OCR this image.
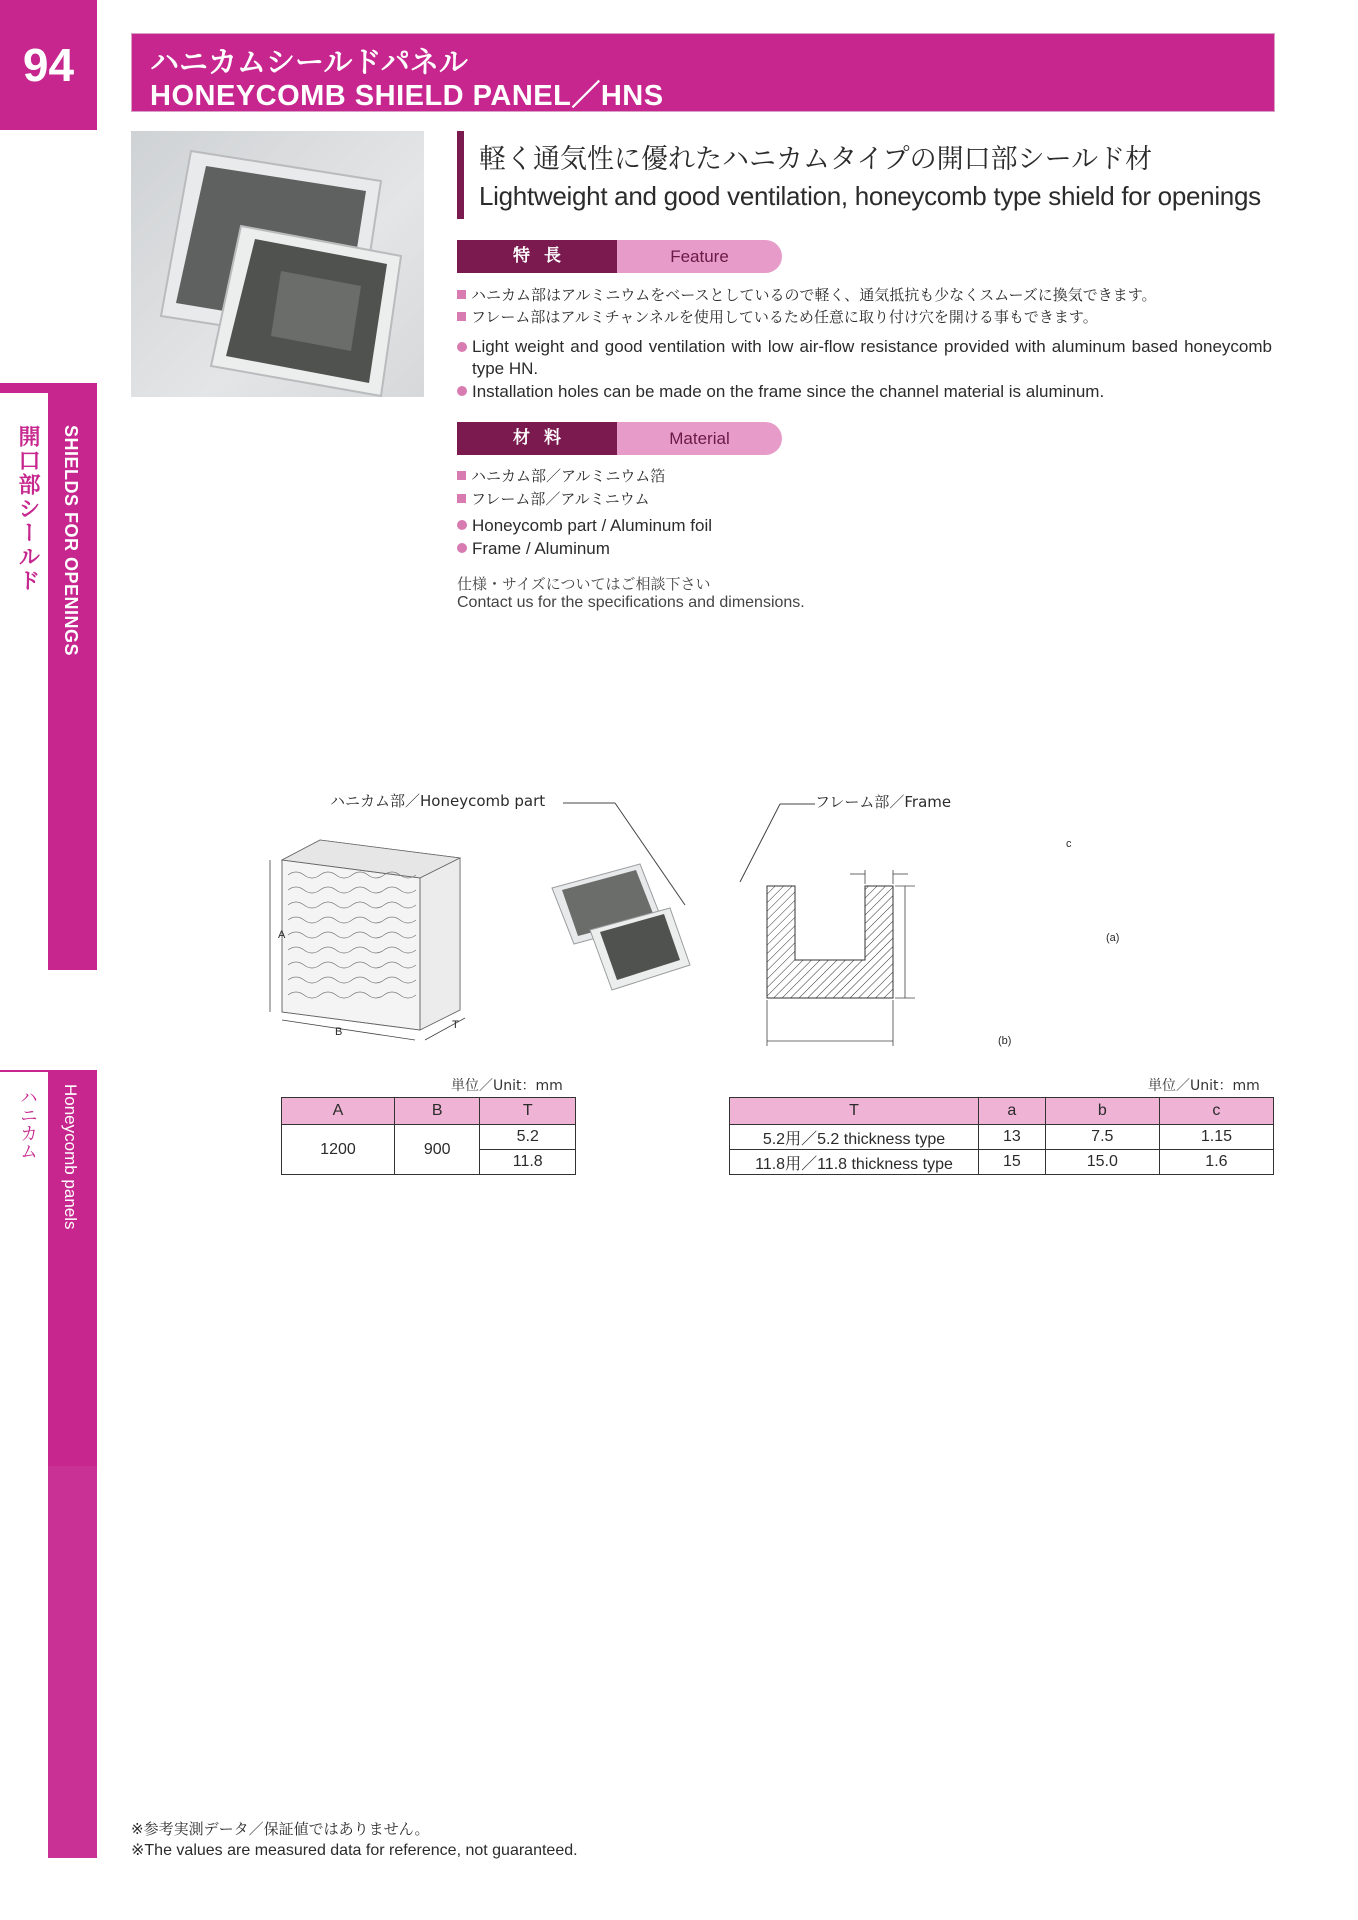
94	ハニカムシールドパネル
HONEYCOMB SHIELD PANEL／HNS
開口部シールド SHIELDS FOR OPENINGS
ハニカム Honeycomb panels
軽く通気性に優れたハニカムタイプの開口部シールド材
Lightweight and good ventilation, honeycomb type shield for openings
特長	Feature
ハニカム部はアルミニウムをベースとしているので軽く、通気抵抗も少なくスムーズに換気できます。
フレーム部はアルミチャンネルを使用しているため任意に取り付け穴を開ける事もできます。
Light weight and good ventilation with low air-flow resistance provided with aluminum based honeycomb type HN.
Installation holes can be made on the frame since the channel material is aluminum.
材料	Material
ハニカム部／アルミニウム箔
フレーム部／アルミニウム
Honeycomb part / Aluminum foil
Frame / Aluminum
仕様・サイズについてはご相談下さい
Contact us for the specifications and dimensions.
ハニカム部／Honeycomb part	フレーム部／Frame
A
B
T
(a)
(b)
c
単位／Unit：mm
A	B	T
1200	900	5.2
		11.8
単位／Unit：mm
T	a	b	c
5.2用／5.2 thickness type	13	7.5	1.15
11.8用／11.8 thickness type	15	15.0	1.6
※参考実測データ／保証値ではありません。
※The values are measured data for reference, not guaranteed.
